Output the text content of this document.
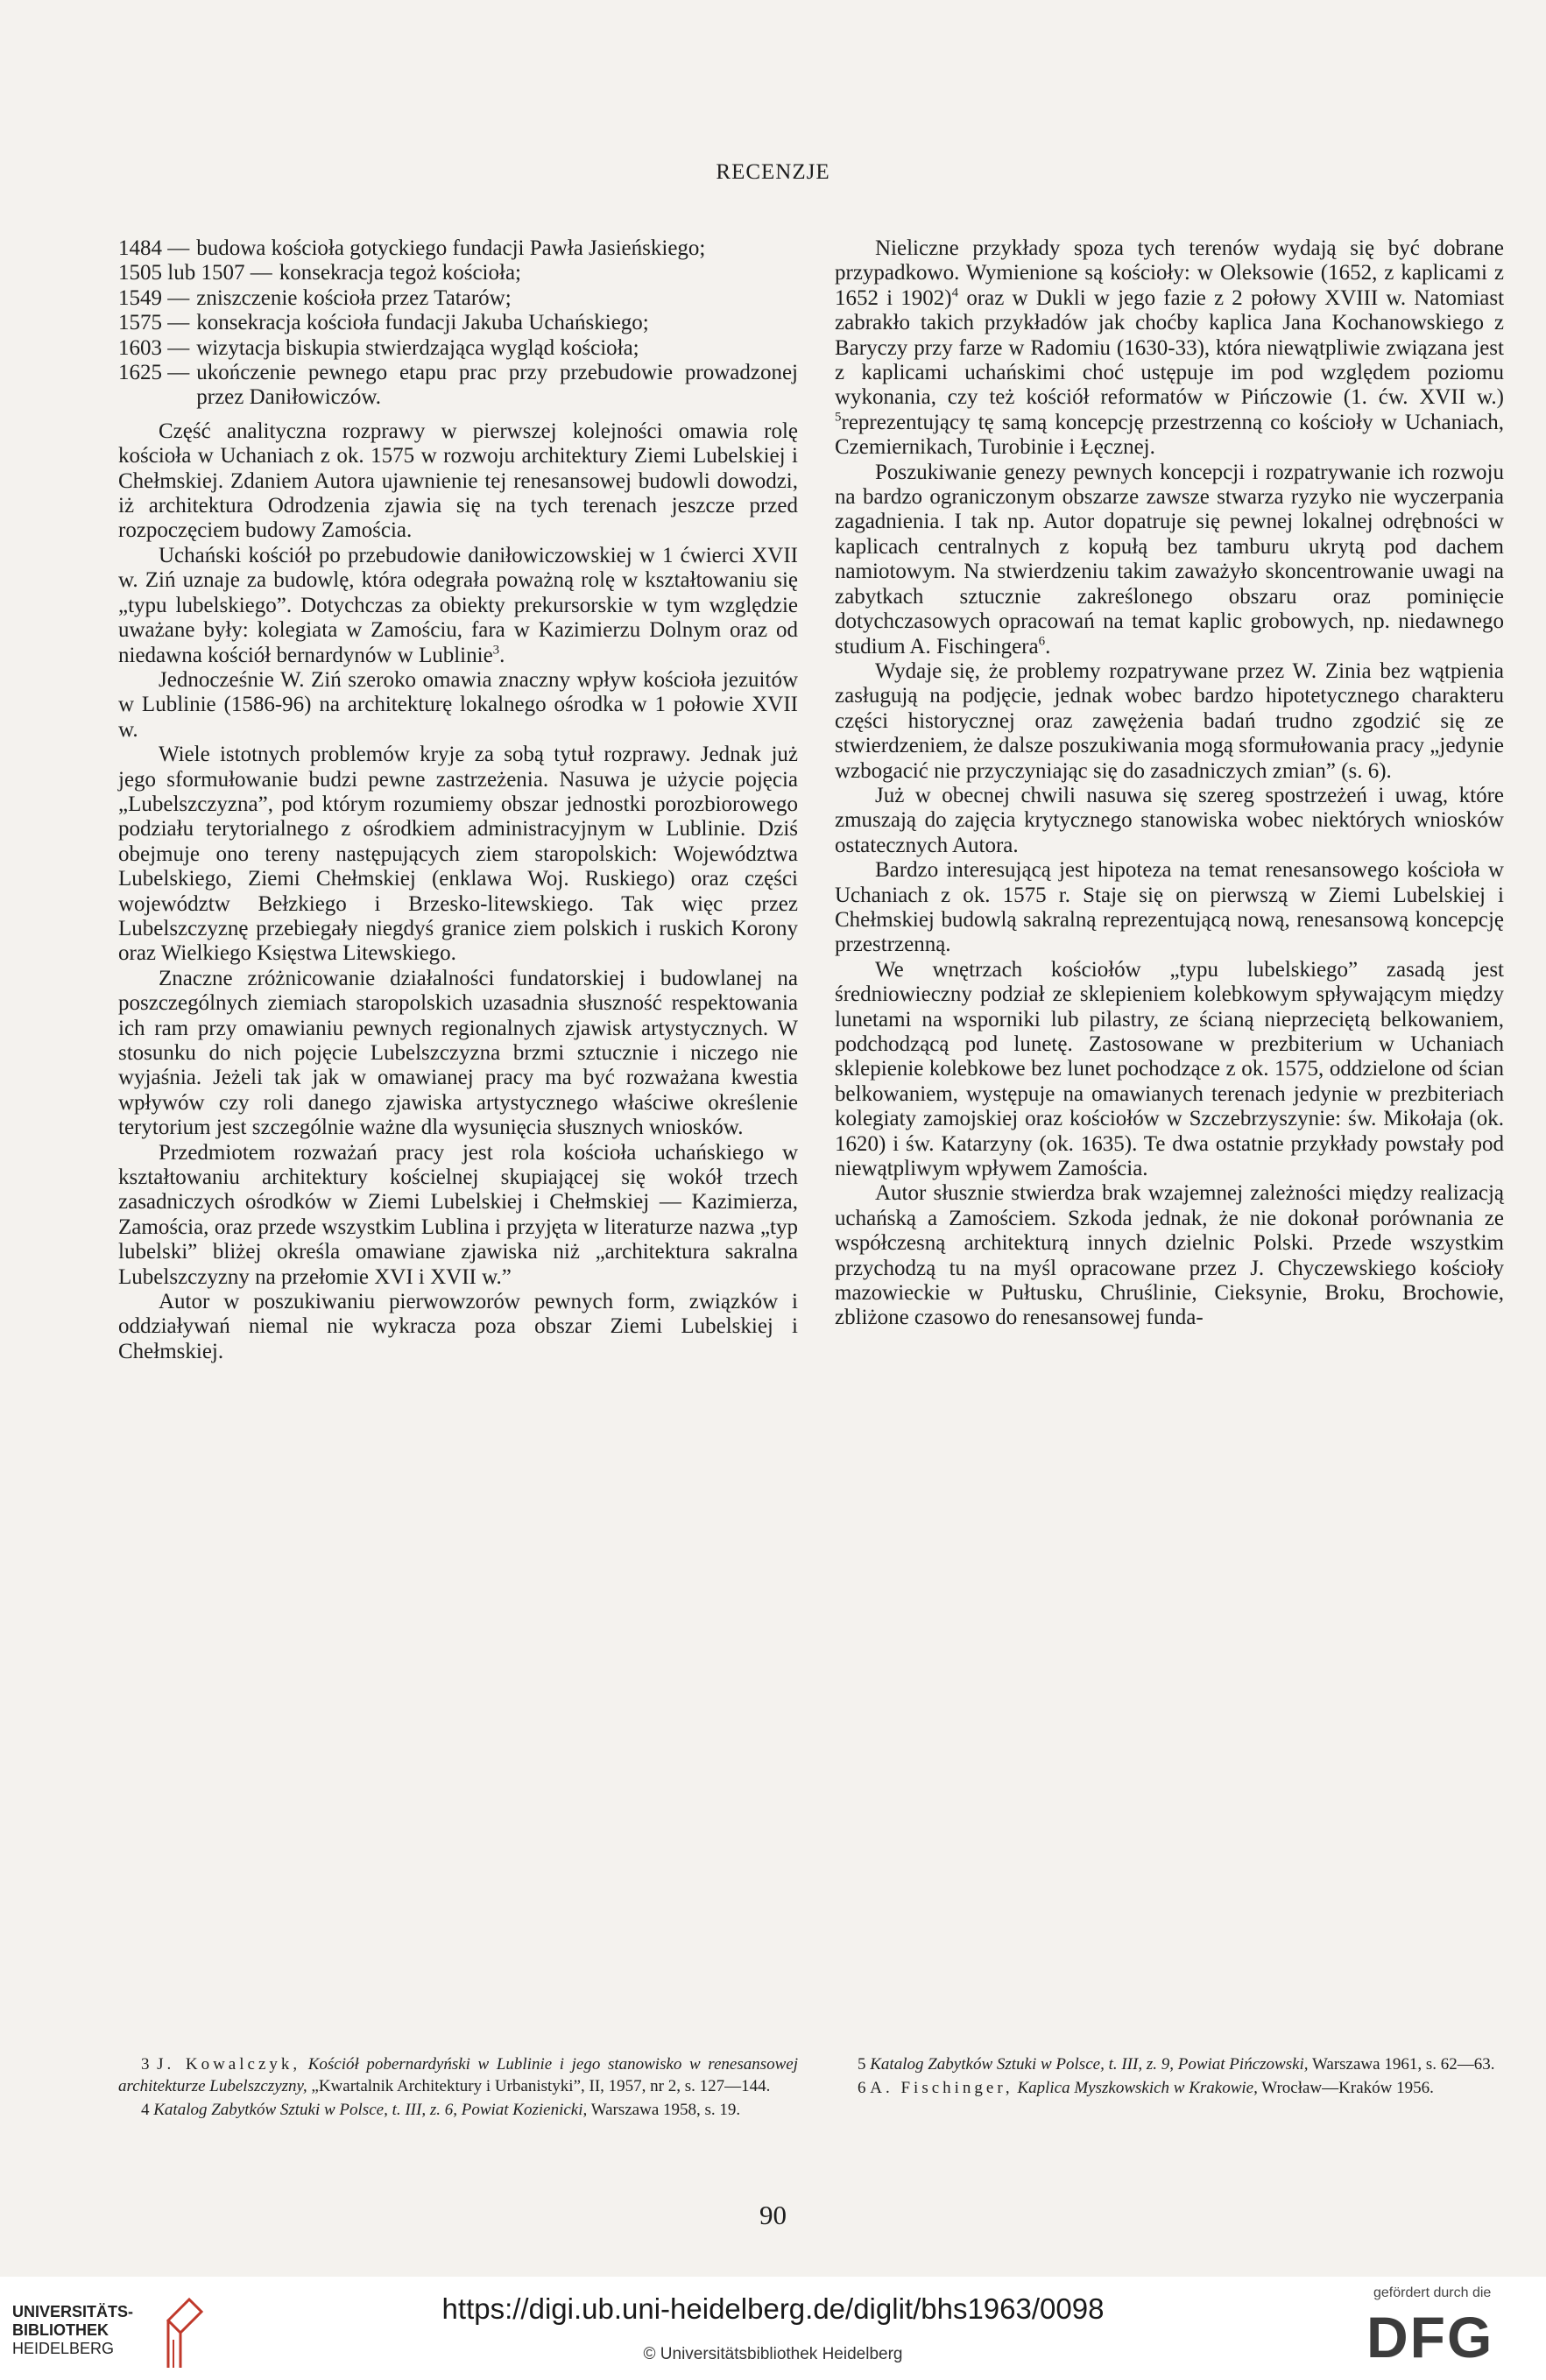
RECENZJE
1484 — budowa kościoła gotyckiego fundacji Pawła Jasieńskiego;
1505 lub 1507 — konsekracja tegoż kościoła;
1549 — zniszczenie kościoła przez Tatarów;
1575 — konsekracja kościoła fundacji Jakuba Uchańskiego;
1603 — wizytacja biskupia stwierdzająca wygląd kościoła;
1625 — ukończenie pewnego etapu prac przy przebudowie prowadzonej przez Daniłowiczów.

Część analityczna rozprawy w pierwszej kolejności omawia rolę kościoła w Uchaniach z ok. 1575 w rozwoju architektury Ziemi Lubelskiej i Chełmskiej. Zdaniem Autora ujawnienie tej renesansowej budowli dowodzi, iż architektura Odrodzenia zjawia się na tych terenach jeszcze przed rozpoczęciem budowy Zamościa.

Uchański kościół po przebudowie daniłowiczowskiej w 1 ćwierci XVII w. Ziń uznaje za budowlę, która odegrała poważną rolę w kształtowaniu się „typu lubelskiego”. Dotychczas za obiekty prekursorskie w tym względzie uważane były: kolegiata w Zamościu, fara w Kazimierzu Dolnym oraz od niedawna kościół bernardynów w Lublinie$^3$.

Jednocześnie W. Ziń szeroko omawia znaczny wpływ kościoła jezuitów w Lublinie (1586-96) na architekturę lokalnego ośrodka w 1 połowie XVII w.

Wiele istotnych problemów kryje za sobą tytuł rozprawy. Jednak już jego sformułowanie budzi pewne zastrzeżenia. Nasuwa je użycie pojęcia „Lubelszczyzna”, pod którym rozumiemy obszar jednostki porozbiorowego podziału terytorialnego z ośrodkiem administracyjnym w Lublinie. Dziś obejmuje ono tereny następujących ziem staropolskich: Województwa Lubelskiego, Ziemi Chełmskiej (enklawa Woj. Ruskiego) oraz części województw Bełzkiego i Brzesko-litewskiego. Tak więc przez Lubelszczyznę przebiegały niegdyś granice ziem polskich i ruskich Korony oraz Wielkiego Księstwa Litewskiego.

Znaczne zróżnicowanie działalności fundatorskiej i budowlanej na poszczególnych ziemiach staropolskich uzasadnia słuszność respektowania ich ram przy omawianiu pewnych regionalnych zjawisk artystycznych. W stosunku do nich pojęcie Lubelszczyzna brzmi sztucznie i niczego nie wyjaśnia. Jeżeli tak jak w omawianej pracy ma być rozważana kwestia wpływów czy roli danego zjawiska artystycznego właściwe określenie terytorium jest szczególnie ważne dla wysunięcia słusznych wniosków.

Przedmiotem rozważań pracy jest rola kościoła uchańskiego w kształtowaniu architektury kościelnej skupiającej się wokół trzech zasadniczych ośrodków w Ziemi Lubelskiej i Chełmskiej — Kazimierza, Zamościa, oraz przede wszystkim Lublina i przyjęta w literaturze nazwa „typ lubelski” bliżej określa omawiane zjawiska niż „architektura sakralna Lubelszczyzny na przełomie XVI i XVII w.”

Autor w poszukiwaniu pierwowzorów pewnych form, związków i oddziaływań niemal nie wykracza poza obszar Ziemi Lubelskiej i Chełmskiej.

Nieliczne przykłady spoza tych terenów wydają się być dobrane przypadkowo. Wymienione są kościoły: w Oleksowie (1652, z kaplicami z 1652 i 1902)$^4$ oraz w Dukli w jego fazie z 2 połowy XVIII w. Natomiast zabrakło takich przykładów jak choćby kaplica Jana Kochanowskiego z Baryczy przy farze w Radomiu (1630-33), która niewątpliwie związana jest z kaplicami uchańskimi choć ustępuje im pod względem poziomu wykonania, czy też kościół reformatów w Pińczowie (1. ćw. XVII w.) $^5$reprezentujący tę samą koncepcję przestrzenną co kościoły w Uchaniach, Czemiernikach, Turobinie i Łęcznej.

Poszukiwanie genezy pewnych koncepcji i rozpatrywanie ich rozwoju na bardzo ograniczonym obszarze zawsze stwarza ryzyko nie wyczerpania zagadnienia. I tak np. Autor dopatruje się pewnej lokalnej odrębności w kaplicach centralnych z kopułą bez tamburu ukrytą pod dachem namiotowym. Na stwierdzeniu takim zaważyło skoncentrowanie uwagi na zabytkach sztucznie zakreślonego obszaru oraz pominięcie dotychczasowych opracowań na temat kaplic grobowych, np. niedawnego studium A. Fischingera$^6$.

Wydaje się, że problemy rozpatrywane przez W. Zinia bez wątpienia zasługują na podjęcie, jednak wobec bardzo hipotetycznego charakteru części historycznej oraz zawężenia badań trudno zgodzić się ze stwierdzeniem, że dalsze poszukiwania mogą sformułowania pracy „jedynie wzbogacić nie przyczyniając się do zasadniczych zmian” (s. 6).

Już w obecnej chwili nasuwa się szereg spostrzeżeń i uwag, które zmuszają do zajęcia krytycznego stanowiska wobec niektórych wniosków ostatecznych Autora.

Bardzo interesującą jest hipoteza na temat renesansowego kościoła w Uchaniach z ok. 1575 r. Staje się on pierwszą w Ziemi Lubelskiej i Chełmskiej budowlą sakralną reprezentującą nową, renesansową koncepcję przestrzenną.

We wnętrzach kościołów „typu lubelskiego” zasadą jest średniowieczny podział ze sklepieniem kolebkowym spływającym między lunetami na wsporniki lub pilastry, ze ścianą nieprzeciętą belkowaniem, podchodzącą pod lunetę. Zastosowane w prezbiterium w Uchaniach sklepienie kolebkowe bez lunet pochodzące z ok. 1575, oddzielone od ścian belkowaniem, występuje na omawianych terenach jedynie w prezbiteriach kolegiaty zamojskiej oraz kościołów w Szczebrzyszynie: św. Mikołaja (ok. 1620) i św. Katarzyny (ok. 1635). Te dwa ostatnie przykłady powstały pod niewątpliwym wpływem Zamościa.

Autor słusznie stwierdza brak wzajemnej zależności między realizacją uchańską a Zamościem. Szkoda jednak, że nie dokonał porównania ze współczesną architekturą innych dzielnic Polski. Przede wszystkim przychodzą tu na myśl opracowane przez J. Chyczewskiego kościoły mazowieckie w Pułtusku, Chruślinie, Cieksynie, Broku, Brochowie, zbliżone czasowo do renesansowej funda-

3 J. Kowalczyk, Kościół pobernardyński w Lublinie i jego stanowisko w renesansowej architekturze Lubelszczyzny, „Kwartalnik Architektury i Urbanistyki”, II, 1957, nr 2, s. 127—144.

4 Katalog Zabytków Sztuki w Polsce, t. III, z. 6, Powiat Kozienicki, Warszawa 1958, s. 19.

5 Katalog Zabytków Sztuki w Polsce, t. III, z. 9, Powiat Pińczowski, Warszawa 1961, s. 62—63.

6 A. Fischinger, Kaplica Myszkowskich w Krakowie, Wrocław—Kraków 1956.

90
UNIVERSITÄTS-
BIBLIOTHEK
HEIDELBERG
https://digi.ub.uni-heidelberg.de/diglit/bhs1963/0098
© Universitätsbibliothek Heidelberg
gefördert durch die
DFG
